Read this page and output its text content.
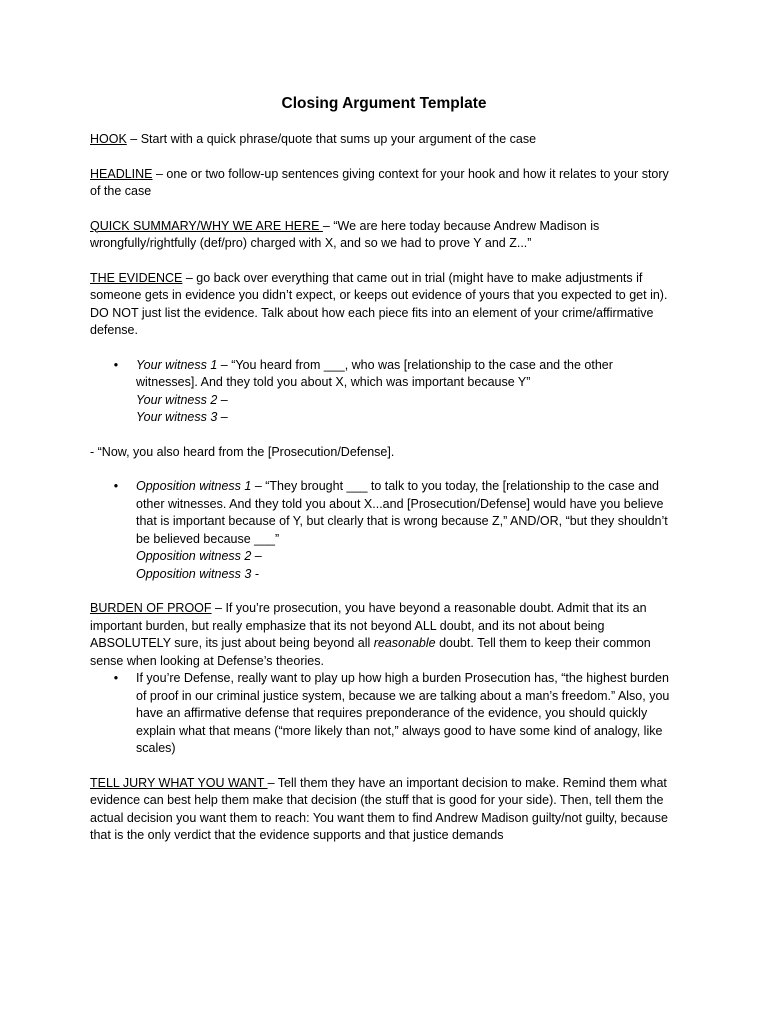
Closing Argument Template

HOOK – Start with a quick phrase/quote that sums up your argument of the case

HEADLINE – one or two follow-up sentences giving context for your hook and how it relates to your story of the case

QUICK SUMMARY/WHY WE ARE HERE – “We are here today because Andrew Madison is wrongfully/rightfully (def/pro) charged with X, and so we had to prove Y and Z...”

THE EVIDENCE – go back over everything that came out in trial (might have to make adjustments if someone gets in evidence you didn’t expect, or keeps out evidence of yours that you expected to get in). DO NOT just list the evidence. Talk about how each piece fits into an element of your crime/affirmative defense.

• Your witness 1 – “You heard from ___, who was [relationship to the case and the other witnesses]. And they told you about X, which was important because Y”
Your witness 2 –
Your witness 3 –

- “Now, you also heard from the [Prosecution/Defense].

• Opposition witness 1 – “They brought ___ to talk to you today, the [relationship to the case and other witnesses. And they told you about X...and [Prosecution/Defense] would have you believe that is important because of Y, but clearly that is wrong because Z,” AND/OR, “but they shouldn’t be believed because ___”
Opposition witness 2 –
Opposition witness 3 -

BURDEN OF PROOF – If you’re prosecution, you have beyond a reasonable doubt. Admit that its an important burden, but really emphasize that its not beyond ALL doubt, and its not about being ABSOLUTELY sure, its just about being beyond all reasonable doubt. Tell them to keep their common sense when looking at Defense’s theories.

• If you’re Defense, really want to play up how high a burden Prosecution has, “the highest burden of proof in our criminal justice system, because we are talking about a man’s freedom.” Also, you have an affirmative defense that requires preponderance of the evidence, you should quickly explain what that means (“more likely than not,” always good to have some kind of analogy, like scales)

TELL JURY WHAT YOU WANT – Tell them they have an important decision to make. Remind them what evidence can best help them make that decision (the stuff that is good for your side). Then, tell them the actual decision you want them to reach: You want them to find Andrew Madison guilty/not guilty, because that is the only verdict that the evidence supports and that justice demands
